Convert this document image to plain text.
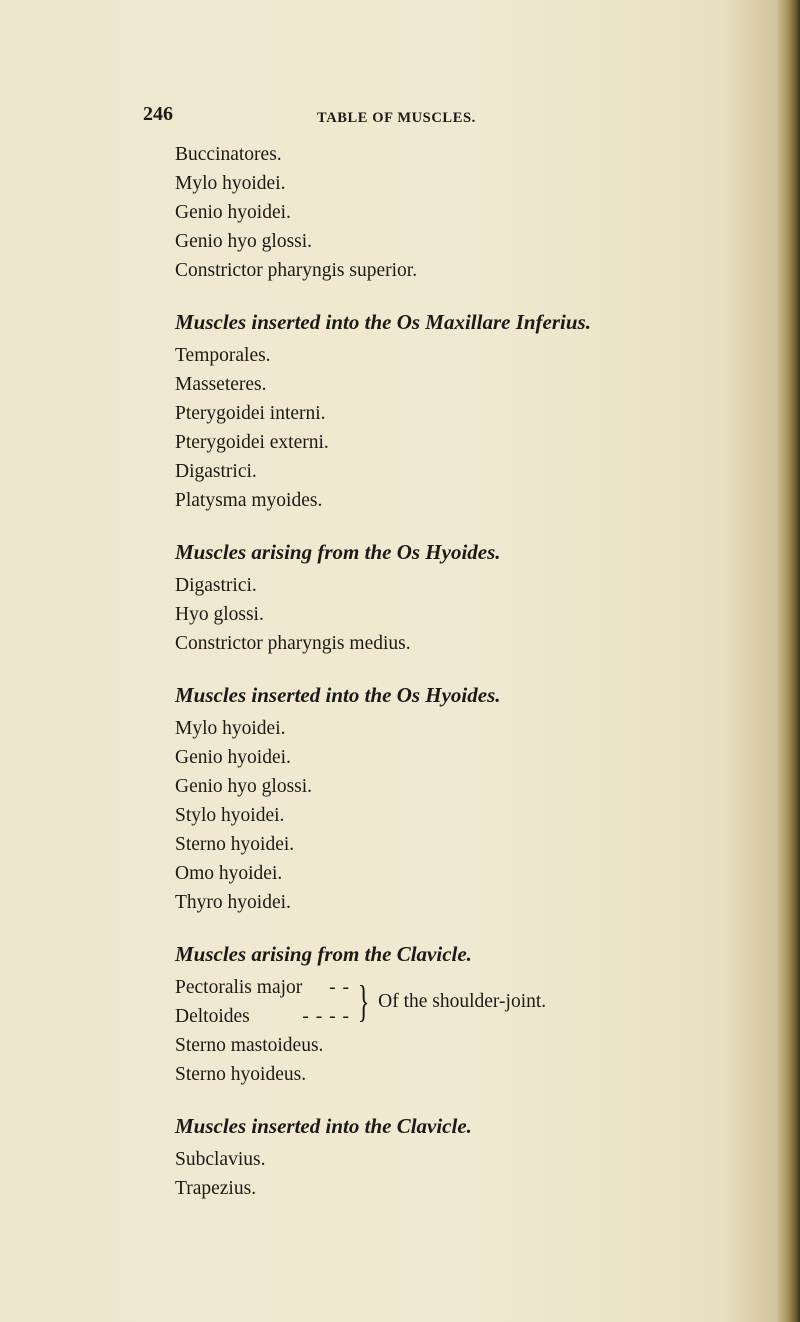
246	TABLE OF MUSCLES.
Buccinatores.
Mylo hyoidei.
Genio hyoidei.
Genio hyo glossi.
Constrictor pharyngis superior.
Muscles inserted into the Os Maxillare Inferius.
Temporales.
Masseteres.
Pterygoidei interni.
Pterygoidei externi.
Digastrici.
Platysma myoides.
Muscles arising from the Os Hyoides.
Digastrici.
Hyo glossi.
Constrictor pharyngis medius.
Muscles inserted into the Os Hyoides.
Mylo hyoidei.
Genio hyoidei.
Genio hyo glossi.
Stylo hyoidei.
Sterno hyoidei.
Omo hyoidei.
Thyro hyoidei.
Muscles arising from the Clavicle.
Pectoralis major - -
Deltoides	- - - - } Of the shoulder-joint.
Sterno mastoideus.
Sterno hyoideus.
Muscles inserted into the Clavicle.
Subclavius.
Trapezius.
